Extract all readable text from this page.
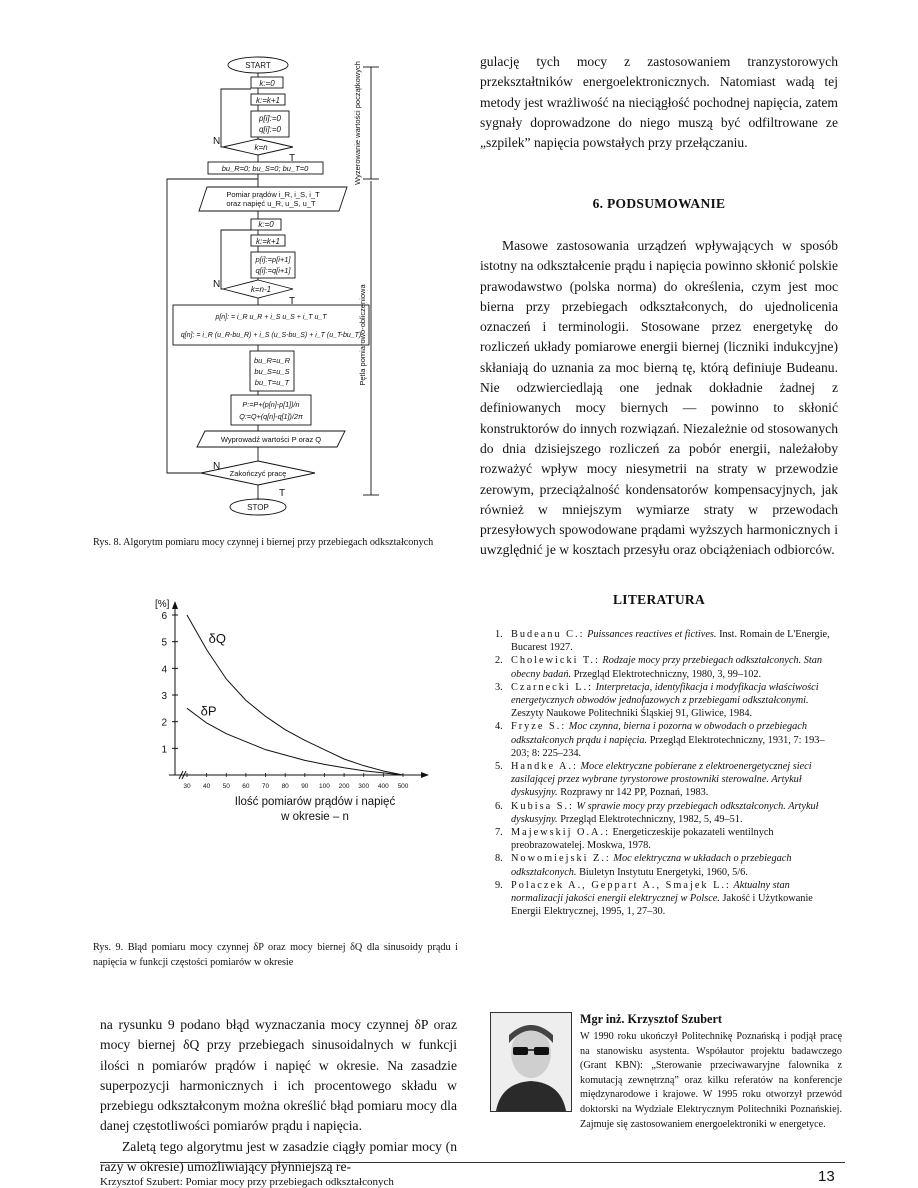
START
k:=0
k:=k+1
p[i]:=0
q[i]:=0
k=n
N
T
bu_R=0; bu_S=0; bu_T=0
Pomiar prądów i_R, i_S, i_T
oraz napięć u_R, u_S, u_T
k:=0
k:=k+1
p[i]:=p[i+1]
q[i]:=q[i+1]
k=n-1
N
T
p[n]: = i_R u_R + i_S u_S + i_T u_T
q[n]: = i_R (u_R-bu_R) + i_S (u_S-bu_S) + i_T (u_T-bu_T)
bu_R=u_R
bu_S=u_S
bu_T=u_T
P:=P+(p[n]-p[1])/n
Q:=Q+(q[n]-q[1])/2π
Wyprowadź wartości P oraz Q
Zakończyć pracę
N
T
STOP
Wyzerowanie wartości początkowych
Pętla pomiarowo-obliczeniowa
Rys. 8. Algorytm pomiaru mocy czynnej i biernej przy przebiegach odkształconych
[%]
1
2
3
4
5
6
30 40 50 60 70 80 90 100 200 300 400 500
δQ
δP
Ilość pomiarów prądów i napięć
w okresie – n
Rys. 9. Błąd pomiaru mocy czynnej δP oraz mocy biernej δQ dla sinusoidy prądu i napięcia w funkcji częstości pomiarów w okresie

na rysunku 9 podano błąd wyznaczania mocy czynnej δP oraz mocy biernej δQ przy przebiegach sinusoidalnych w funkcji ilości n pomiarów prądów i napięć w okresie. Na zasadzie superpozycji harmonicznych i ich procentowego składu w przebiegu odkształconym można określić błąd pomiaru mocy dla danej częstotliwości pomiarów prądu i napięcia.

Zaletą tego algorytmu jest w zasadzie ciągły pomiar mocy (n razy w okresie) umożliwiający płynniejszą re-

gulację tych mocy z zastosowaniem tranzystorowych przekształtników energoelektronicznych. Natomiast wadą tej metody jest wrażliwość na nieciągłość pochodnej napięcia, zatem sygnały doprowadzone do niego muszą być odfiltrowane ze „szpilek” napięcia powstałych przy przełączaniu.

6. PODSUMOWANIE

Masowe zastosowania urządzeń wpływających w sposób istotny na odkształcenie prądu i napięcia powinno skłonić polskie prawodawstwo (polska norma) do określenia, czym jest moc bierna przy przebiegach odkształconych, do ujednolicenia oznaczeń i terminologii. Stosowane przez energetykę do rozliczeń układy pomiarowe energii biernej (liczniki indukcyjne) skłaniają do uznania za moc bierną tę, którą definiuje Budeanu. Nie odzwierciedlają one jednak dokładnie żadnej z definiowanych mocy biernych — powinno to skłonić konstruktorów do innych rozwiązań. Niezależnie od stosowanych do dnia dzisiejszego rozliczeń za pobór energii, należałoby rozważyć wpływ mocy niesymetrii na straty w przewodzie zerowym, przeciążalność kondensatorów kompensacyjnych, jak również w mniejszym wymiarze straty w przewodach przesyłowych spowodowane prądami wyższych harmonicznych i uwzględnić je w kosztach przesyłu oraz obciążeniach odbiorców.

LITERATURA
1. Budeanu C.: Puissances reactives et fictives. Inst. Romain de L'Energie, Bucarest 1927.
2. Cholewicki T.: Rodzaje mocy przy przebiegach odkształconych. Stan obecny badań. Przegląd Elektrotechniczny, 1980, 3, 99–102.
3. Czarnecki L.: Interpretacja, identyfikacja i modyfikacja właściwości energetycznych obwodów jednofazowych z przebiegami odkształconymi. Zeszyty Naukowe Politechniki Śląskiej 91, Gliwice, 1984.
4. Fryze S.: Moc czynna, bierna i pozorna w obwodach o przebiegach odkształconych prądu i napięcia. Przegląd Elektrotechniczny, 1931, 7: 193–203; 8: 225–234.
5. Handke A.: Moce elektryczne pobierane z elektroenergetycznej sieci zasilającej przez wybrane tyrystorowe prostowniki sterowalne. Artykuł dyskusyjny. Rozprawy nr 142 PP, Poznań, 1983.
6. Kubisa S.: W sprawie mocy przy przebiegach odkształconych. Artykuł dyskusyjny. Przegląd Elektrotechniczny, 1982, 5, 49–51.
7. Majewskij O.A.: Energeticzeskije pokazateli wentilnych preobrazowatelej. Moskwa, 1978.
8. Nowomiejski Z.: Moc elektryczna w układach o przebiegach odkształconych. Biuletyn Instytutu Energetyki, 1960, 5/6.
9. Polaczek A., Geppart A., Smajek L.: Aktualny stan normalizacji jakości energii elektrycznej w Polsce. Jakość i Użytkowanie Energii Elektrycznej, 1995, 1, 27–30.
Mgr inż. Krzysztof Szubert
W 1990 roku ukończył Politechnikę Poznańską i podjął pracę na stanowisku asystenta. Współautor projektu badawczego (Grant KBN): „Sterowanie przeciwawaryjne falownika z komutacją zewnętrzną” oraz kilku referatów na konferencje międzynarodowe i krajowe. W 1995 roku otworzył przewód doktorski na Wydziale Elektrycznym Politechniki Poznańskiej. Zajmuje się zastosowaniem energoelektroniki w energetyce.
Krzysztof Szubert: Pomiar mocy przy przebiegach odkształconych	13
